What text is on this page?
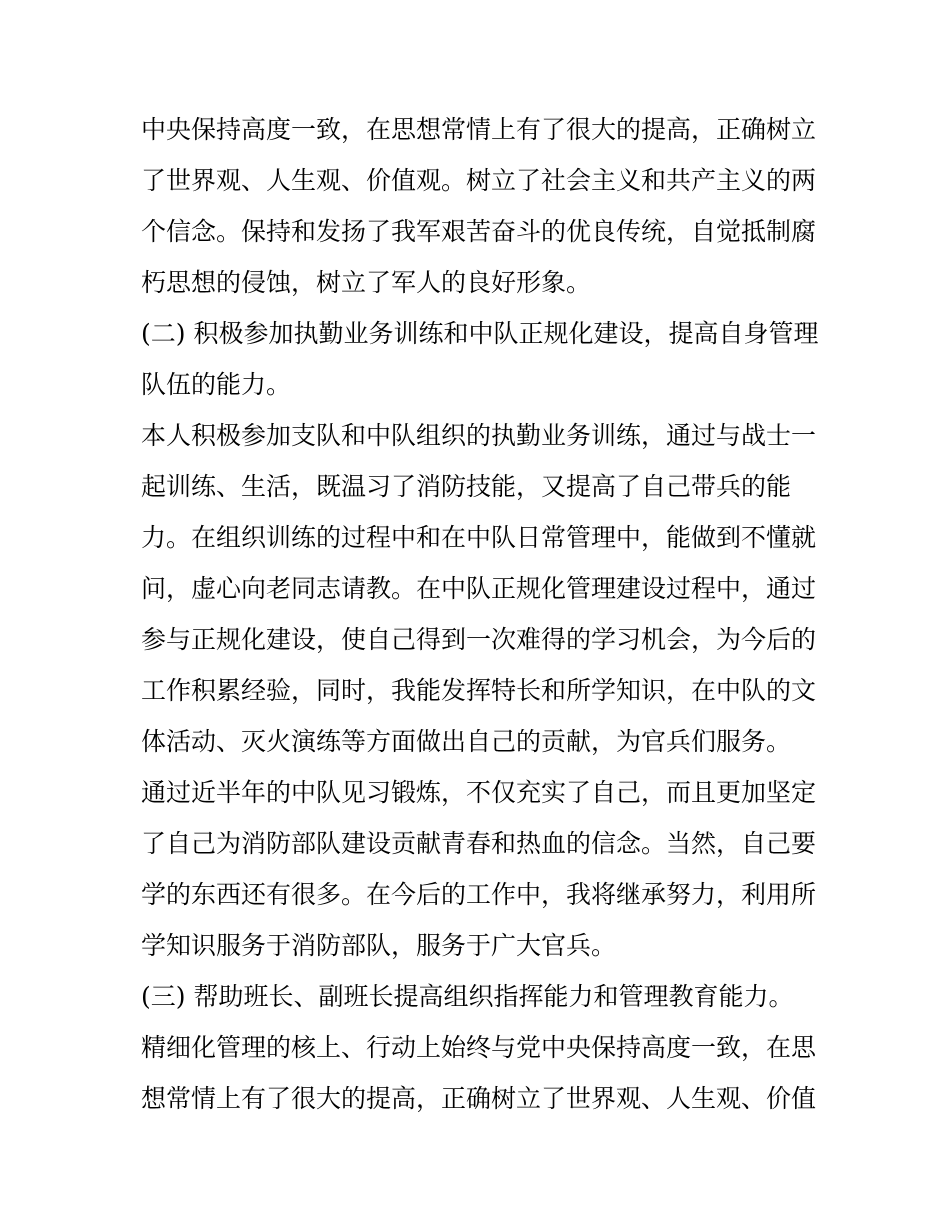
中央保持高度一致，在思想常情上有了很大的提高，正确树立
了世界观、人生观、价值观。树立了社会主义和共产主义的两
个信念。保持和发扬了我军艰苦奋斗的优良传统，自觉抵制腐
朽思想的侵蚀，树立了军人的良好形象。
(二) 积极参加执勤业务训练和中队正规化建设，提高自身管理
队伍的能力。
本人积极参加支队和中队组织的执勤业务训练，通过与战士一
起训练、生活，既温习了消防技能，又提高了自己带兵的能
力。在组织训练的过程中和在中队日常管理中，能做到不懂就
问，虚心向老同志请教。在中队正规化管理建设过程中，通过
参与正规化建设，使自己得到一次难得的学习机会，为今后的
工作积累经验，同时，我能发挥特长和所学知识，在中队的文
体活动、灭火演练等方面做出自己的贡献，为官兵们服务。
通过近半年的中队见习锻炼，不仅充实了自己，而且更加坚定
了自己为消防部队建设贡献青春和热血的信念。当然，自己要
学的东西还有很多。在今后的工作中，我将继承努力，利用所
学知识服务于消防部队，服务于广大官兵。
(三) 帮助班长、副班长提高组织指挥能力和管理教育能力。
精细化管理的核上、行动上始终与党中央保持高度一致，在思
想常情上有了很大的提高，正确树立了世界观、人生观、价值
